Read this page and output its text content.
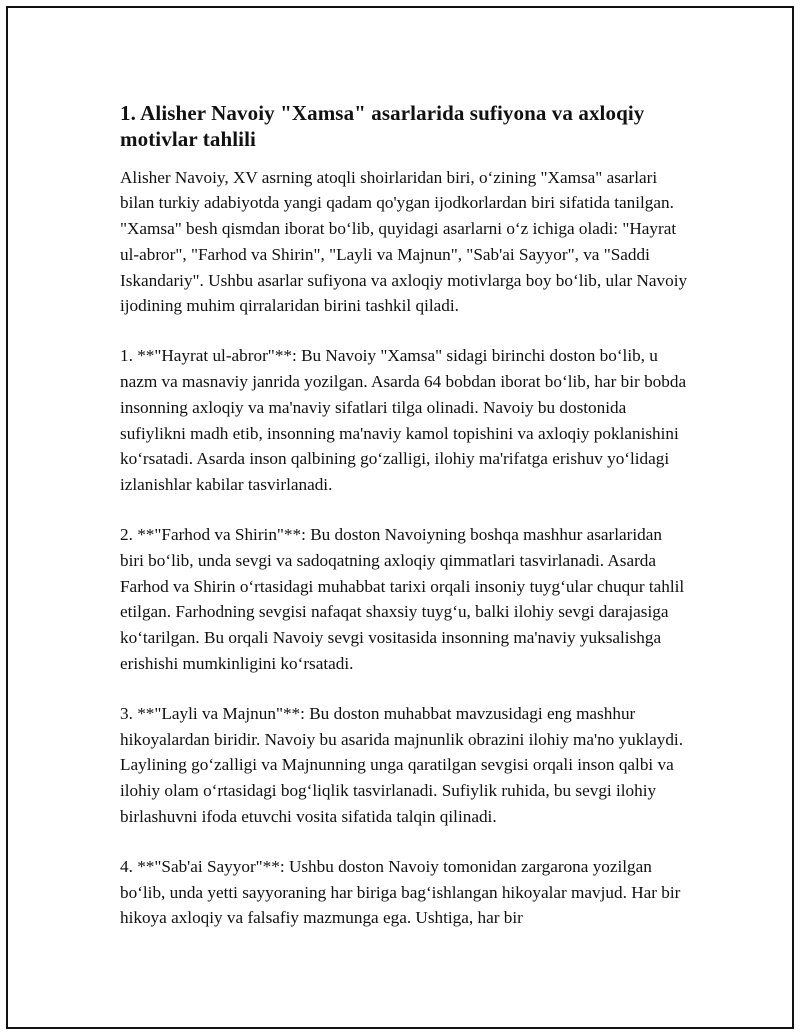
1. Alisher Navoiy "Xamsa" asarlarida sufiyona va axloqiy motivlar tahlili

Alisher Navoiy, XV asrning atoqli shoirlaridan biri, o‘zining "Xamsa" asarlari bilan turkiy adabiyotda yangi qadam qo'ygan ijodkorlardan biri sifatida tanilgan. "Xamsa" besh qismdan iborat bo‘lib, quyidagi asarlarni o‘z ichiga oladi: "Hayrat ul-abror", "Farhod va Shirin", "Layli va Majnun", "Sab'ai Sayyor", va "Saddi Iskandariy". Ushbu asarlar sufiyona va axloqiy motivlarga boy bo‘lib, ular Navoiy ijodining muhim qirralaridan birini tashkil qiladi.

1. **"Hayrat ul-abror"**: Bu Navoiy "Xamsa" sidagi birinchi doston bo‘lib, u nazm va masnaviy janrida yozilgan. Asarda 64 bobdan iborat bo‘lib, har bir bobda insonning axloqiy va ma'naviy sifatlari tilga olinadi. Navoiy bu dostonida sufiylikni madh etib, insonning ma'naviy kamol topishini va axloqiy poklanishini ko‘rsatadi. Asarda inson qalbining go‘zalligi, ilohiy ma'rifatga erishuv yo‘lidagi izlanishlar kabilar tasvirlanadi.

2. **"Farhod va Shirin"**: Bu doston Navoiyning boshqa mashhur asarlaridan biri bo‘lib, unda sevgi va sadoqatning axloqiy qimmatlari tasvirlanadi. Asarda Farhod va Shirin o‘rtasidagi muhabbat tarixi orqali insoniy tuyg‘ular chuqur tahlil etilgan. Farhodning sevgisi nafaqat shaxsiy tuyg‘u, balki ilohiy sevgi darajasiga ko‘tarilgan. Bu orqali Navoiy sevgi vositasida insonning ma'naviy yuksalishga erishishi mumkinligini ko‘rsatadi.

3. **"Layli va Majnun"**: Bu doston muhabbat mavzusidagi eng mashhur hikoyalardan biridir. Navoiy bu asarida majnunlik obrazini ilohiy ma'no yuklaydi. Laylining go‘zalligi va Majnunning unga qaratilgan sevgisi orqali inson qalbi va ilohiy olam o‘rtasidagi bog‘liqlik tasvirlanadi. Sufiylik ruhida, bu sevgi ilohiy birlashuvni ifoda etuvchi vosita sifatida talqin qilinadi.

4. **"Sab'ai Sayyor"**: Ushbu doston Navoiy tomonidan zargarona yozilgan bo‘lib, unda yetti sayyoraning har biriga bag‘ishlangan hikoyalar mavjud. Har bir hikoya axloqiy va falsafiy mazmunga ega. Ushtiga, har bir
